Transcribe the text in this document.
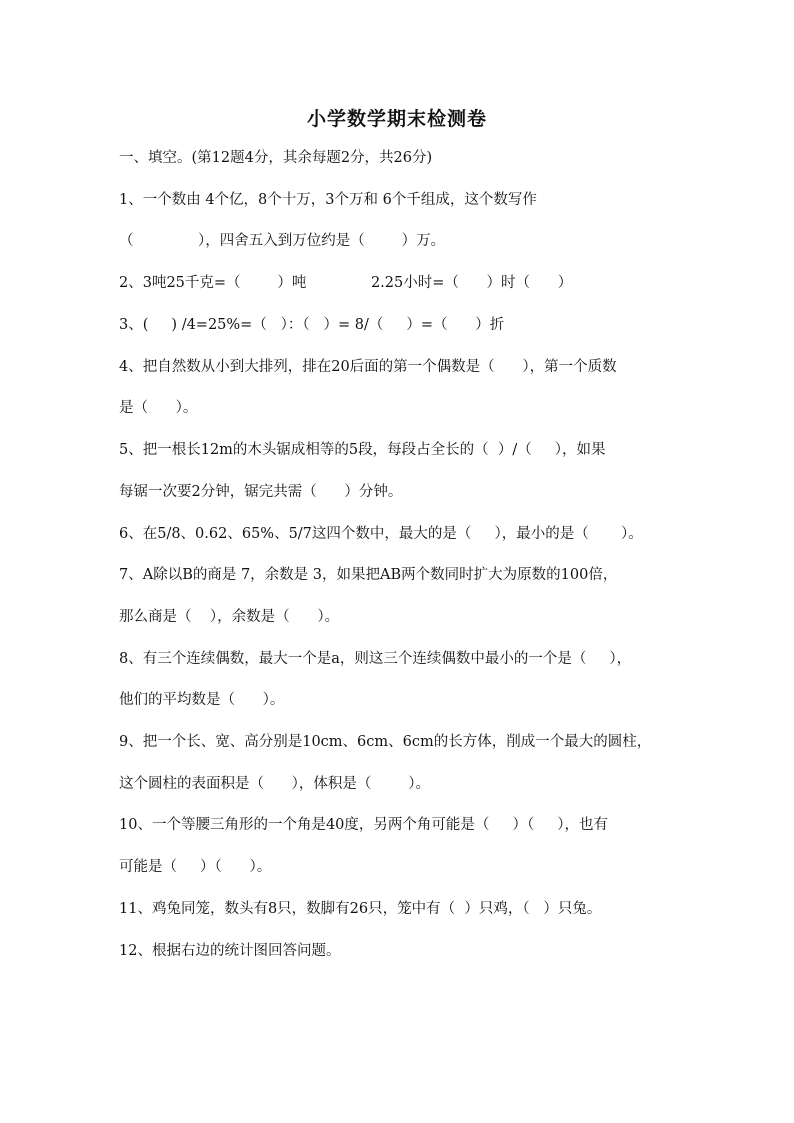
小学数学期末检测卷
一、填空。(第12题4分，其余每题2分，共26分)
1、一个数由 4个亿，8个十万，3个万和 6个千组成，这个数写作
（              ），四舍五入到万位约是（        ）万。
2、3吨25千克=（        ）吨              2.25小时=（      ）时（      ）
3、(     ) /4=25%=（   ）：（   ）= 8/（     ）=（      ）折
4、把自然数从小到大排列，排在20后面的第一个偶数是（      ），第一个质数
是（      ）。
5、把一根长12m的木头锯成相等的5段，每段占全长的（  ）/（     ），如果
每锯一次要2分钟，锯完共需（      ）分钟。
6、在5/8、0.62、65%、5/7这四个数中，最大的是（     ），最小的是（       ）。
7、A除以B的商是 7，余数是 3，如果把AB两个数同时扩大为原数的100倍，
那么商是（    ），余数是（      ）。
8、有三个连续偶数，最大一个是a，则这三个连续偶数中最小的一个是（     ），
他们的平均数是（      ）。
9、把一个长、宽、高分别是10cm、6cm、6cm的长方体，削成一个最大的圆柱，
这个圆柱的表面积是（      ），体积是（        ）。
10、一个等腰三角形的一个角是40度，另两个角可能是（     ）（     ），也有
可能是（     ）（      ）。
11、鸡兔同笼，数头有8只，数脚有26只，笼中有（  ）只鸡，（   ）只兔。
12、根据右边的统计图回答问题。
